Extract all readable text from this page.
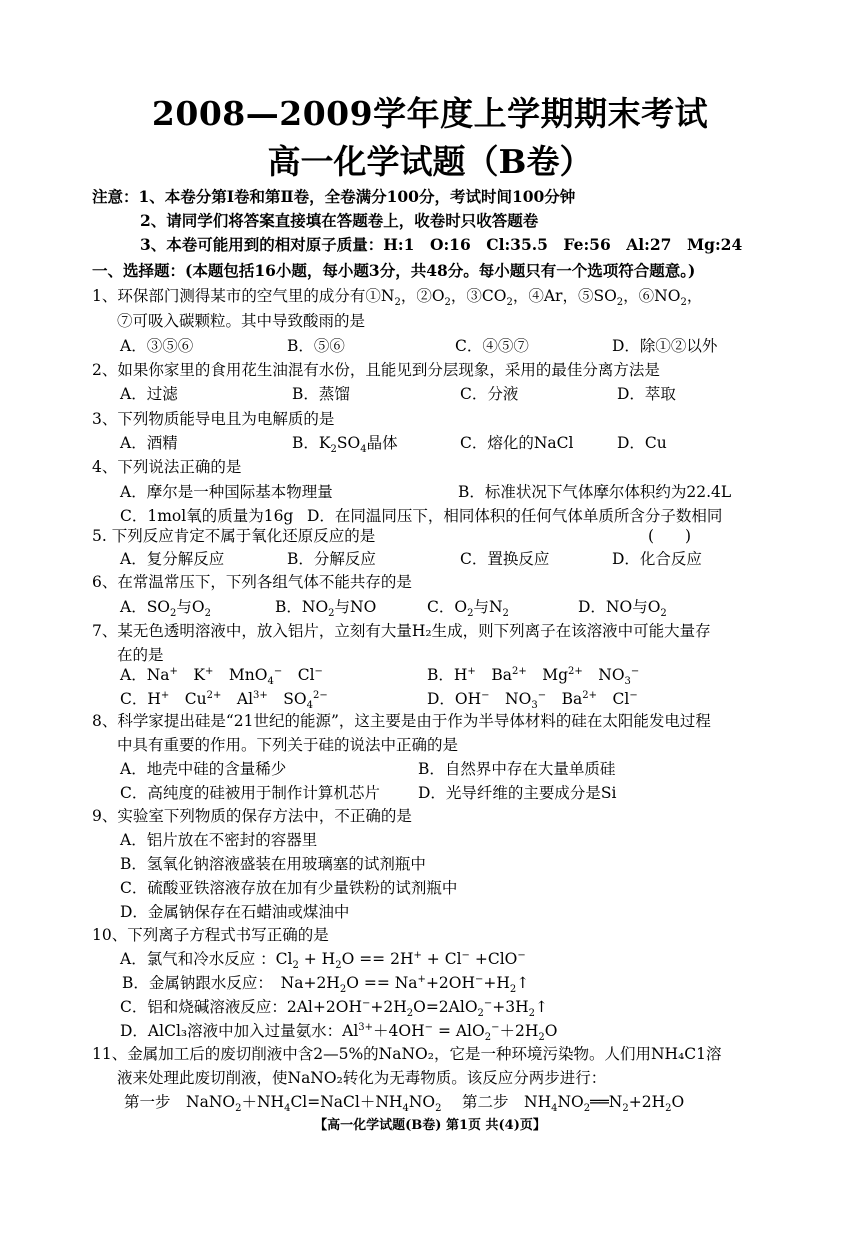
2008—2009学年度上学期期末考试
高一化学试题（B卷）
注意：1、本卷分第Ⅰ卷和第Ⅱ卷，全卷满分100分，考试时间100分钟
2、请同学们将答案直接填在答题卷上，收卷时只收答题卷
3、本卷可能用到的相对原子质量：H:1　O:16　Cl:35.5　Fe:56　Al:27　Mg:24
一、选择题：(本题包括16小题，每小题3分，共48分。每小题只有一个选项符合题意。)
1、环保部门测得某市的空气里的成分有$①N_2$，$②O_2$，$③CO_2$，④Ar，$⑤SO_2$，$⑥NO_2$，
⑦可吸入碳颗粒。其中导致酸雨的是
A．③⑤⑥	B．⑤⑥	C．④⑤⑦	D．除①②以外
2、如果你家里的食用花生油混有水份，且能见到分层现象，采用的最佳分离方法是
A．过滤	B．蒸馏	C．分液	D．萃取
3、下列物质能导电且为电解质的是
A．酒精	B．$K_2SO_4$晶体	C．熔化的NaCl	D．Cu
4、下列说法正确的是
A．摩尔是一种国际基本物理量	B．标准状况下气体摩尔体积约为22.4L
C．1mol氧的质量为16g D．在同温同压下，相同体积的任何气体单质所含分子数相同
5. 下列反应肯定不属于氧化还原反应的是	(　　)
A．复分解反应	B．分解反应	C．置换反应	D．化合反应
6、在常温常压下，下列各组气体不能共存的是
A．$SO_2$与$O_2$	B．$NO_2$与NO	C．$O_2$与$N_2$	D．NO与$O_2$
7、某无色透明溶液中，放入铝片，立刻有大量H₂生成，则下列离子在该溶液中可能大量存
在的是
A．Na+　K+　MnO$_4$−　Cl−	B．H+　$Ba^{2+}$　$Mg^{2+}$　$NO_3^-$
C．H+　$Cu^{2+}$　$Al^{3+}$　$SO_4^{2-}$	D．OH−　$NO_3^-$　$Ba^{2+}$　Cl−
8、科学家提出硅是“21世纪的能源”，这主要是由于作为半导体材料的硅在太阳能发电过程
中具有重要的作用。下列关于硅的说法中正确的是
A．地壳中硅的含量稀少	B．自然界中存在大量单质硅
C．高纯度的硅被用于制作计算机芯片 D．光导纤维的主要成分是Si
9、实验室下列物质的保存方法中，不正确的是
A．铝片放在不密封的容器里
B．氢氧化钠溶液盛装在用玻璃塞的试剂瓶中
C．硫酸亚铁溶液存放在加有少量铁粉的试剂瓶中
D．金属钠保存在石蜡油或煤油中
10、下列离子方程式书写正确的是
A．氯气和冷水反应 ：$Cl_2 + H_2O == 2H^+ + Cl^- +ClO^-$
B．金属钠跟水反应：　$Na+2H_2O$ == $Na^++2OH^-+H_2↑$
C．铝和烧碱溶液反应：$2Al+2OH^-+2H_2O=2AlO_2^-+3H_2↑$
D．AlCl₃溶液中加入过量氨水：$Al^{3+}+4OH^- = AlO_2^-+2H_2O$
11、金属加工后的废切削液中含2—5%的NaNO₂，它是一种环境污染物。人们用NH₄C1溶
液来处理此废切削液，使NaNO₂转化为无毒物质。该反应分两步进行：
第一步　$NaNO_2+NH_4Cl=NaCl+NH_4NO_2$ 第二步　$NH_4NO_2══N_2+2H_2O$
【高一化学试题(B卷) 第1页 共(4)页】
